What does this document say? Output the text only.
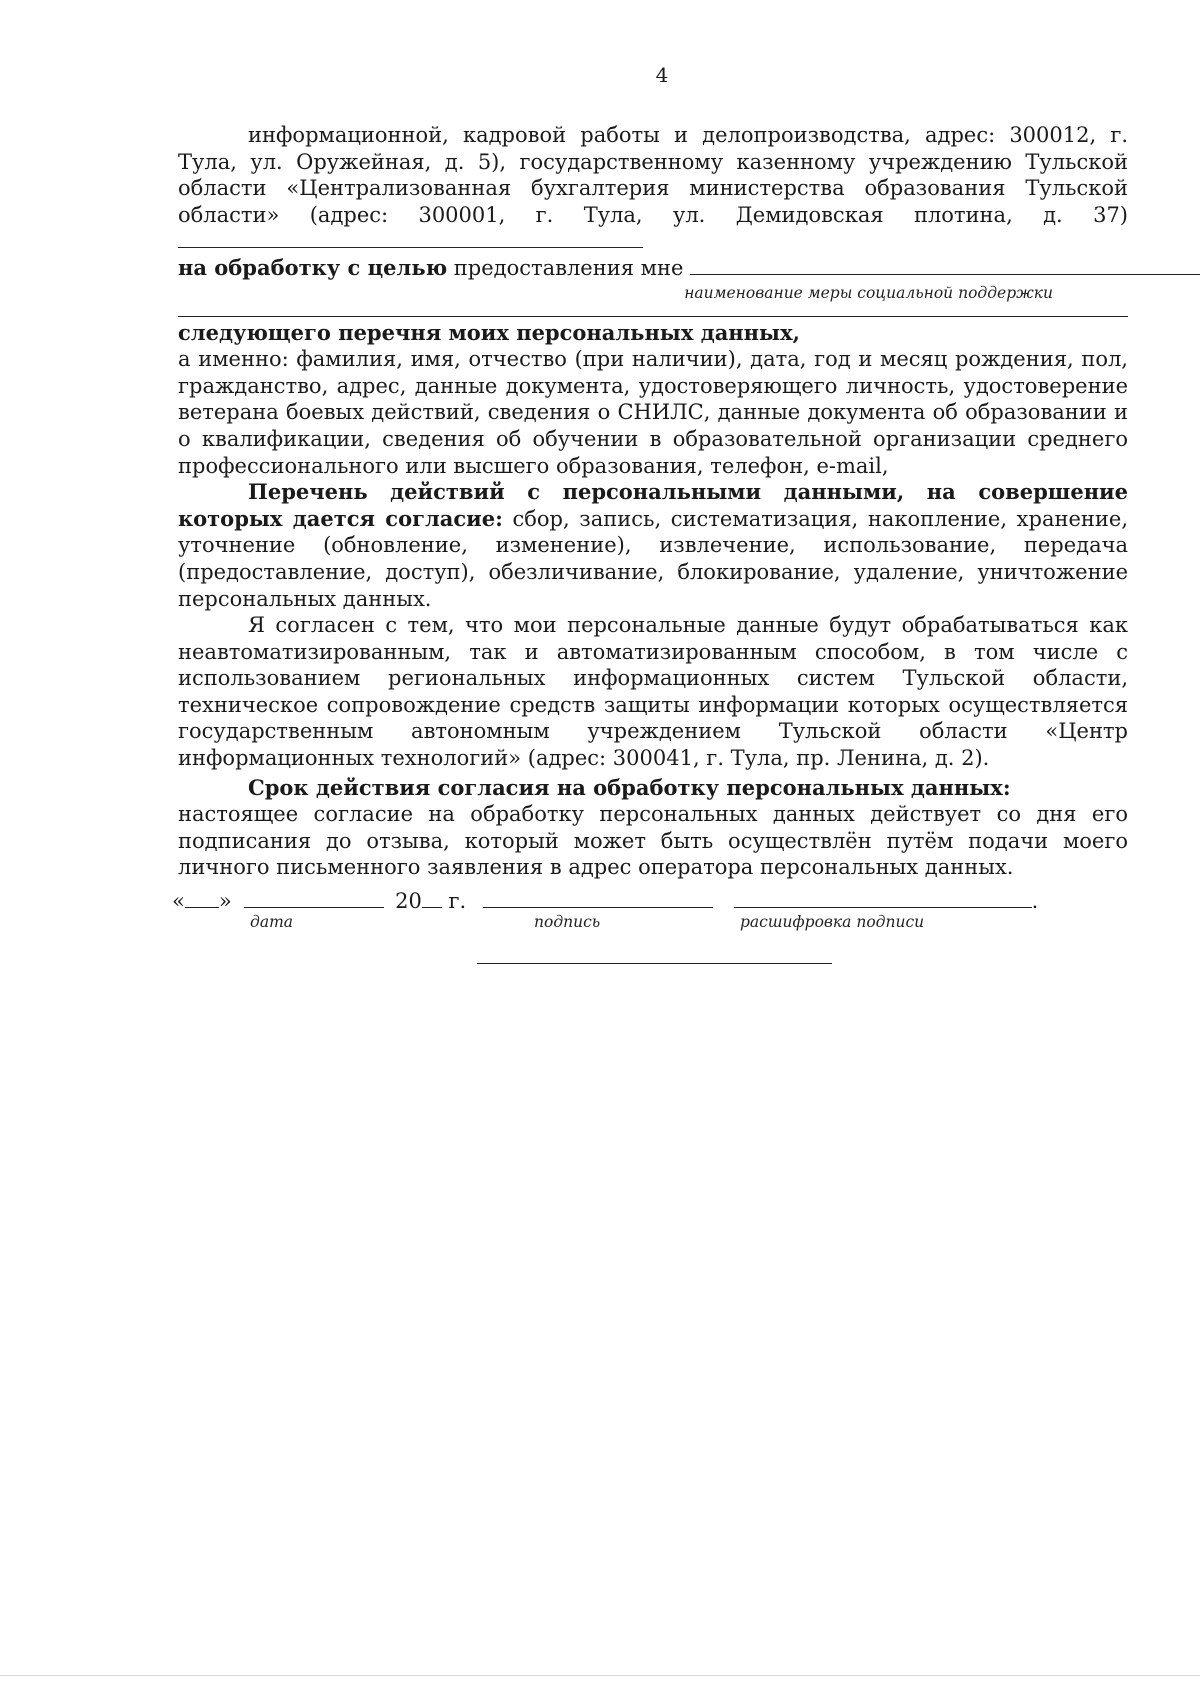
4

информационной, кадровой работы и делопроизводства, адрес: 300012, г. Тула, ул. Оружейная, д. 5), государственному казенному учреждению Тульской области «Централизованная бухгалтерия министерства образования Тульской области» (адрес: 300001, г. Тула, ул. Демидовская плотина, д. 37)

на обработку с целью предоставления мне

наименование меры социальной поддержки

следующего перечня моих персональных данных,

а именно: фамилия, имя, отчество (при наличии), дата, год и месяц рождения, пол, гражданство, адрес, данные документа, удостоверяющего личность, удостоверение ветерана боевых действий, сведения о СНИЛС, данные документа об образовании и о квалификации, сведения об обучении в образовательной организации среднего профессионального или высшего образования, телефон, e-mail,

Перечень действий с персональными данными, на совершение которых дается согласие: сбор, запись, систематизация, накопление, хранение, уточнение (обновление, изменение), извлечение, использование, передача (предоставление, доступ), обезличивание, блокирование, удаление, уничтожение персональных данных.

Я согласен с тем, что мои персональные данные будут обрабатываться как неавтоматизированным, так и автоматизированным способом, в том числе с использованием региональных информационных систем Тульской области, техническое сопровождение средств защиты информации которых осуществляется государственным автономным учреждением Тульской области «Центр информационных технологий» (адрес: 300041, г. Тула, пр. Ленина, д. 2).

Срок действия согласия на обработку персональных данных:

настоящее согласие на обработку персональных данных действует со дня его подписания до отзыва, который может быть осуществлён путём подачи моего личного письменного заявления в адрес оператора персональных данных.

« »	20 г.	.
дата	подпись	расшифровка подписи
